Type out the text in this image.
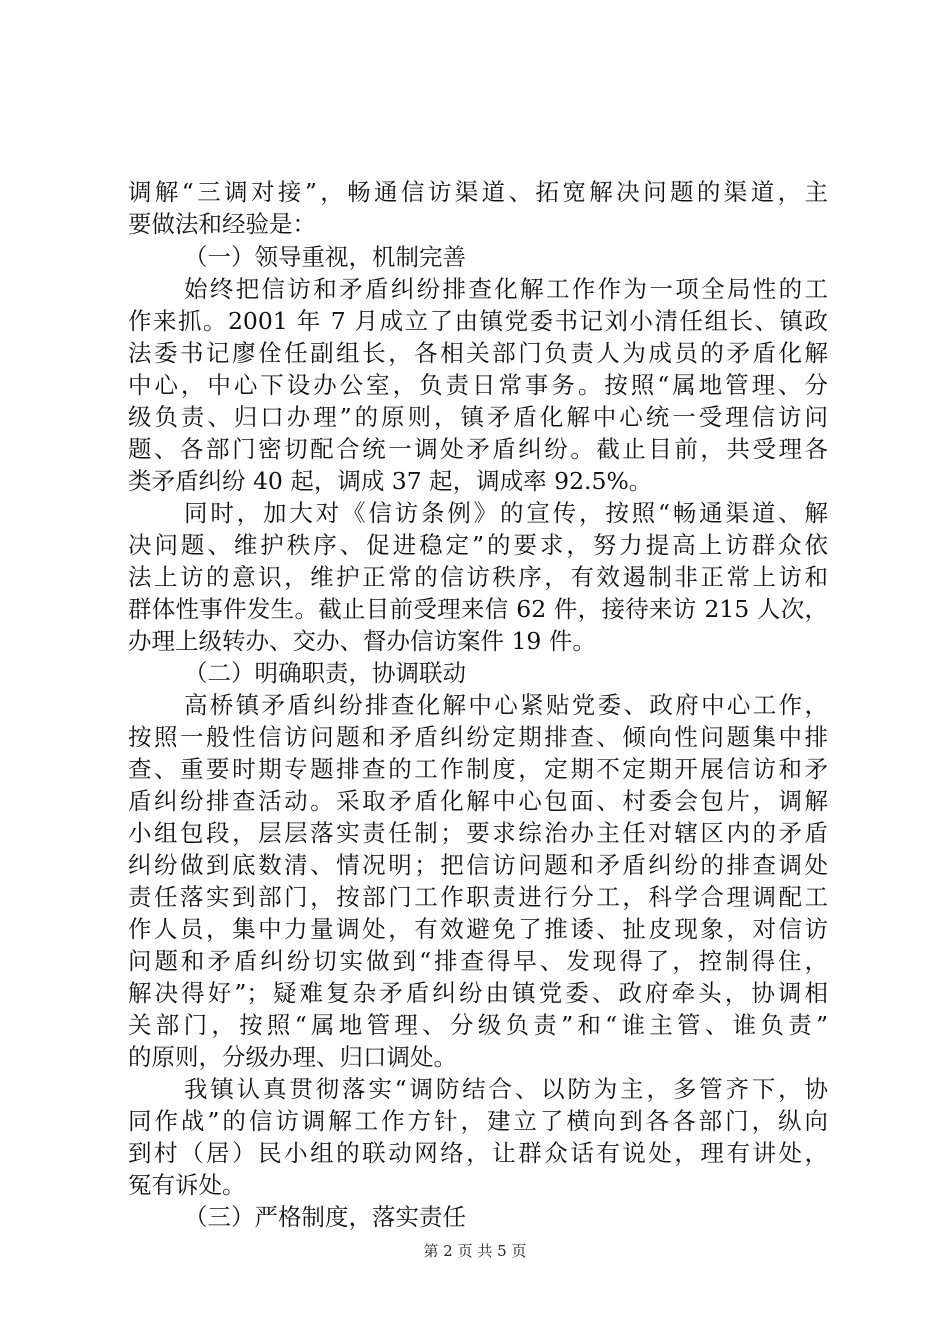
调解“三调对接”，畅通信访渠道、拓宽解决问题的渠道，主
要做法和经验是：
（一）领导重视，机制完善
始终把信访和矛盾纠纷排查化解工作作为一项全局性的工
作来抓。2001 年 7 月成立了由镇党委书记刘小清任组长、镇政
法委书记廖佺任副组长，各相关部门负责人为成员的矛盾化解
中心，中心下设办公室，负责日常事务。按照“属地管理、分
级负责、归口办理”的原则，镇矛盾化解中心统一受理信访问
题、各部门密切配合统一调处矛盾纠纷。截止目前，共受理各
类矛盾纠纷 40 起，调成 37 起，调成率 92.5%。
同时，加大对《信访条例》的宣传，按照“畅通渠道、解
决问题、维护秩序、促进稳定”的要求，努力提高上访群众依
法上访的意识，维护正常的信访秩序，有效遏制非正常上访和
群体性事件发生。截止目前受理来信 62 件，接待来访 215 人次，
办理上级转办、交办、督办信访案件 19 件。
（二）明确职责，协调联动
高桥镇矛盾纠纷排查化解中心紧贴党委、政府中心工作，
按照一般性信访问题和矛盾纠纷定期排查、倾向性问题集中排
查、重要时期专题排查的工作制度，定期不定期开展信访和矛
盾纠纷排查活动。采取矛盾化解中心包面、村委会包片，调解
小组包段，层层落实责任制；要求综治办主任对辖区内的矛盾
纠纷做到底数清、情况明；把信访问题和矛盾纠纷的排查调处
责任落实到部门，按部门工作职责进行分工，科学合理调配工
作人员，集中力量调处，有效避免了推诿、扯皮现象，对信访
问题和矛盾纠纷切实做到“排查得早、发现得了，控制得住，
解决得好”；疑难复杂矛盾纠纷由镇党委、政府牵头，协调相
关部门，按照“属地管理、分级负责”和“谁主管、谁负责”
的原则，分级办理、归口调处。
我镇认真贯彻落实“调防结合、以防为主，多管齐下，协
同作战”的信访调解工作方针，建立了横向到各各部门，纵向
到村（居）民小组的联动网络，让群众话有说处，理有讲处，
冤有诉处。
（三）严格制度，落实责任
第 2 页 共 5 页
